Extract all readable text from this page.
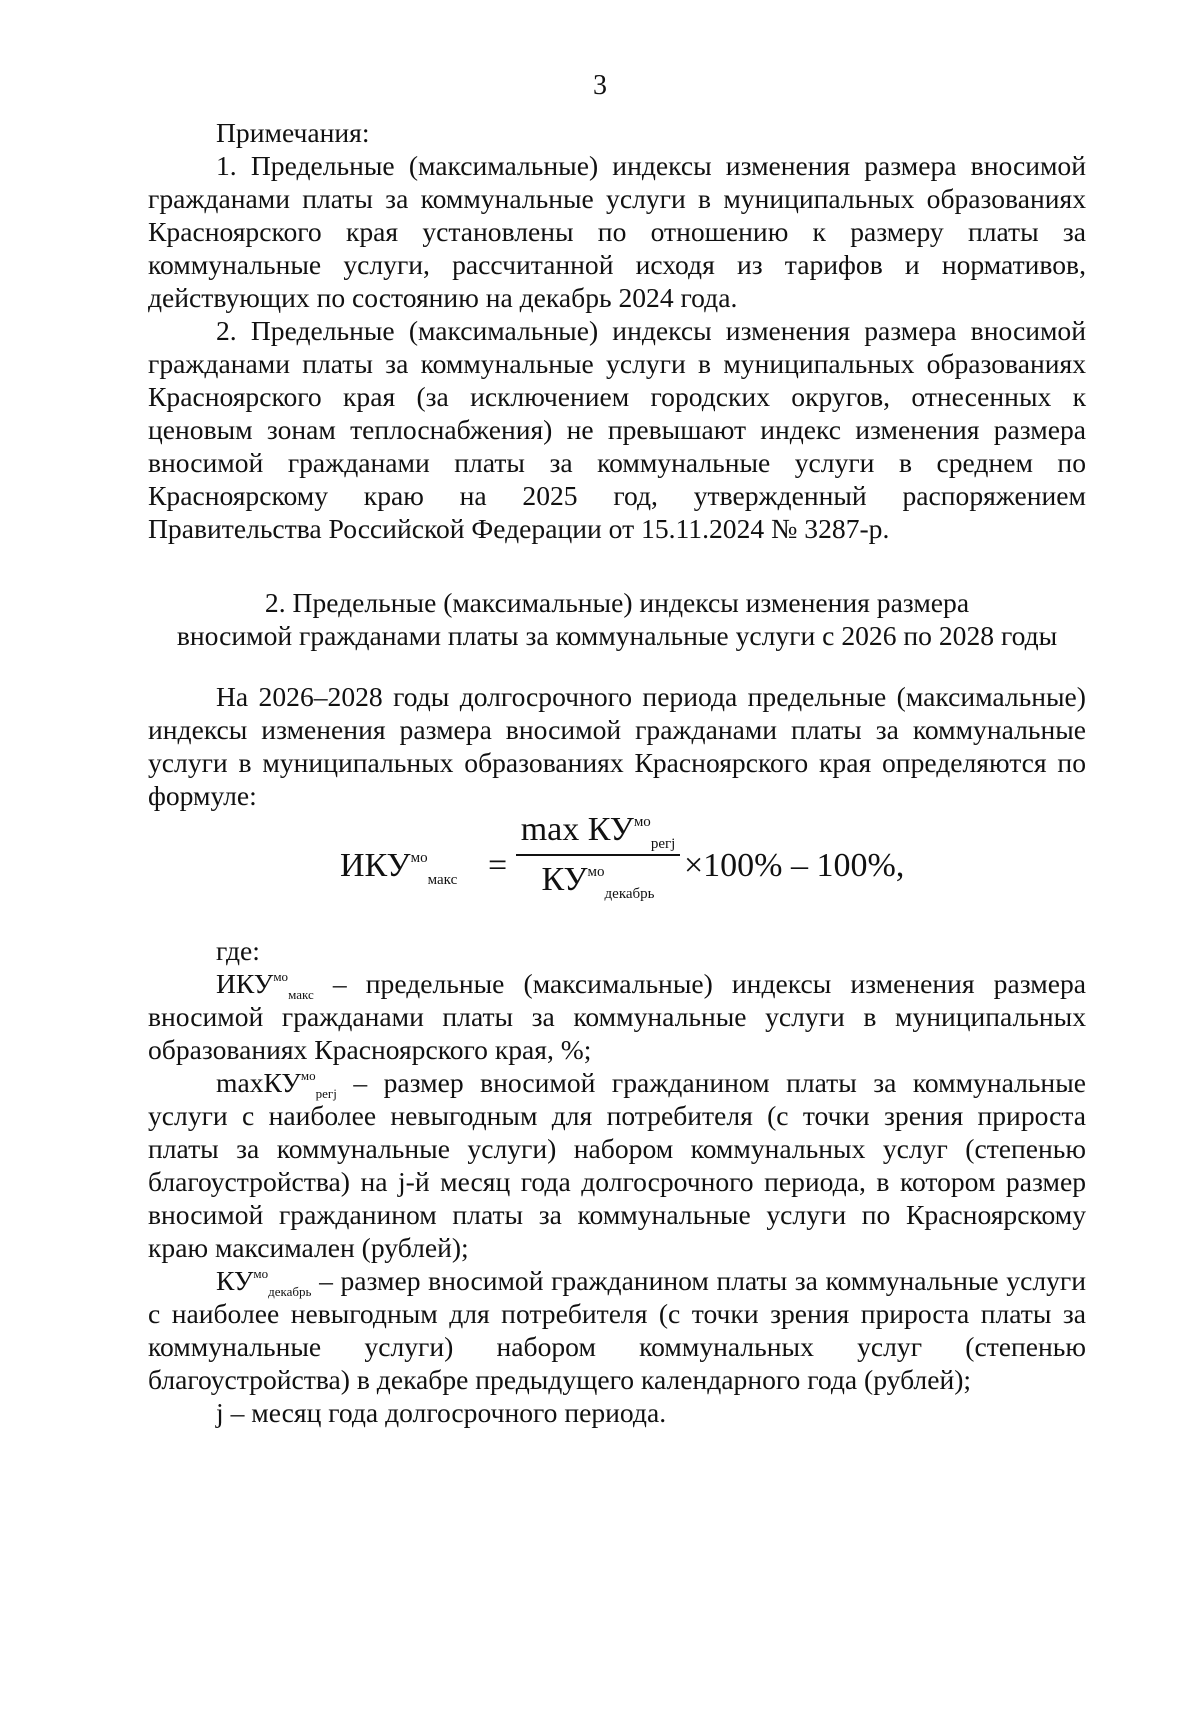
3

Примечания:

1. Предельные (максимальные) индексы изменения размера вносимой гражданами платы за коммунальные услуги в муниципальных образованиях Красноярского края установлены по отношению к размеру платы за коммунальные услуги, рассчитанной исходя из тарифов и нормативов, действующих по состоянию на декабрь 2024 года.

2. Предельные (максимальные) индексы изменения размера вносимой гражданами платы за коммунальные услуги в муниципальных образованиях Красноярского края (за исключением городских округов, отнесенных к ценовым зонам теплоснабжения) не превышают индекс изменения размера вносимой гражданами платы за коммунальные услуги в среднем по Красноярскому краю на 2025 год, утвержденный распоряжением Правительства Российской Федерации от 15.11.2024 № 3287-р.

2. Предельные (максимальные) индексы изменения размера
вносимой гражданами платы за коммунальные услуги с 2026 по 2028 годы

На 2026–2028 годы долгосрочного периода предельные (максимальные) индексы изменения размера вносимой гражданами платы за коммунальные услуги в муниципальных образованиях Красноярского края определяются по формуле:

$ИКУ^{мо}_{макс}$ =
$\max КУ^{мо}_{регj}$
$КУ^{мо}_{декабрь}$
×100% – 100%,

где:

$ИКУ^{мо}_{макс}$ – предельные (максимальные) индексы изменения размера вносимой гражданами платы за коммунальные услуги в муниципальных образованиях Красноярского края, %;

maxКУ$^{мо}_{регj}$ – размер вносимой гражданином платы за коммунальные услуги с наиболее невыгодным для потребителя (с точки зрения прироста платы за коммунальные услуги) набором коммунальных услуг (степенью благоустройства) на j-й месяц года долгосрочного периода, в котором размер вносимой гражданином платы за коммунальные услуги по Красноярскому краю максимален (рублей);

$КУ^{мо}_{декабрь}$ – размер вносимой гражданином платы за коммунальные услуги с наиболее невыгодным для потребителя (с точки зрения прироста платы за коммунальные услуги) набором коммунальных услуг (степенью благоустройства) в декабре предыдущего календарного года (рублей);

j – месяц года долгосрочного периода.
